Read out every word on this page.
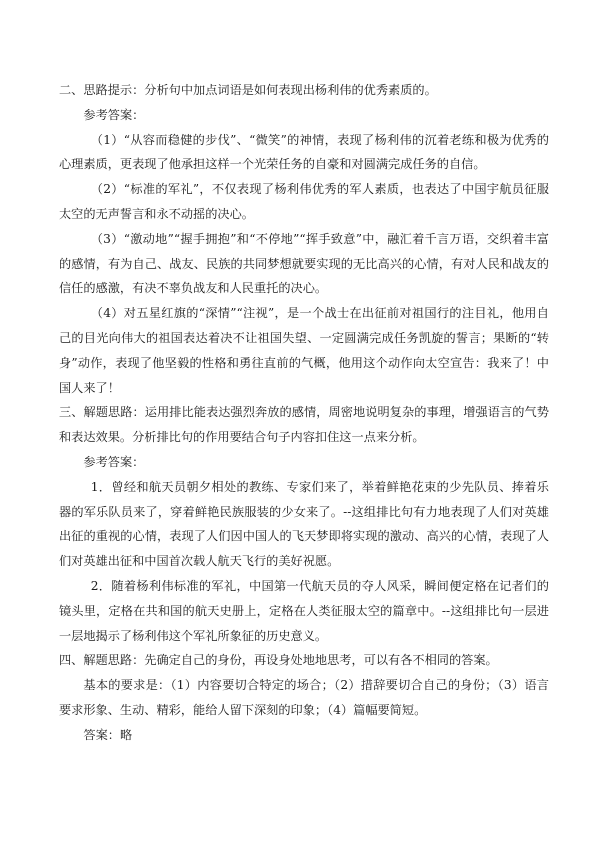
二、思路提示：分析句中加点词语是如何表现出杨利伟的优秀素质的。

参考答案：

（1）“从容而稳健的步伐”、“微笑”的神情，表现了杨利伟的沉着老练和极为优秀的心理素质，更表现了他承担这样一个光荣任务的自豪和对圆满完成任务的自信。

（2）“标准的军礼”，不仅表现了杨利伟优秀的军人素质，也表达了中国宇航员征服太空的无声誓言和永不动摇的决心。

（3）“激动地”“握手拥抱”和“不停地”“挥手致意”中，融汇着千言万语，交织着丰富的感情，有为自己、战友、民族的共同梦想就要实现的无比高兴的心情，有对人民和战友的信任的感激，有决不辜负战友和人民重托的决心。

（4）对五星红旗的“深情”“注视”，是一个战士在出征前对祖国行的注目礼，他用自己的目光向伟大的祖国表达着决不让祖国失望、一定圆满完成任务凯旋的誓言；果断的“转身”动作，表现了他坚毅的性格和勇往直前的气概，他用这个动作向太空宣告：我来了！中国人来了！

三、解题思路：运用排比能表达强烈奔放的感情，周密地说明复杂的事理，增强语言的气势和表达效果。分析排比句的作用要结合句子内容扣住这一点来分析。

参考答案：

1．曾经和航天员朝夕相处的教练、专家们来了，举着鲜艳花束的少先队员、捧着乐器的军乐队员来了，穿着鲜艳民族服装的少女来了。--这组排比句有力地表现了人们对英雄出征的重视的心情，表现了人们因中国人的飞天梦即将实现的激动、高兴的心情，表现了人们对英雄出征和中国首次载人航天飞行的美好祝愿。

2．随着杨利伟标准的军礼，中国第一代航天员的夺人风采，瞬间便定格在记者们的镜头里，定格在共和国的航天史册上，定格在人类征服太空的篇章中。--这组排比句一层进一层地揭示了杨利伟这个军礼所象征的历史意义。

四、解题思路：先确定自己的身份，再设身处地地思考，可以有各不相同的答案。

基本的要求是：（1）内容要切合特定的场合；（2）措辞要切合自己的身份；（3）语言要求形象、生动、精彩，能给人留下深刻的印象；（4）篇幅要简短。

答案：略
